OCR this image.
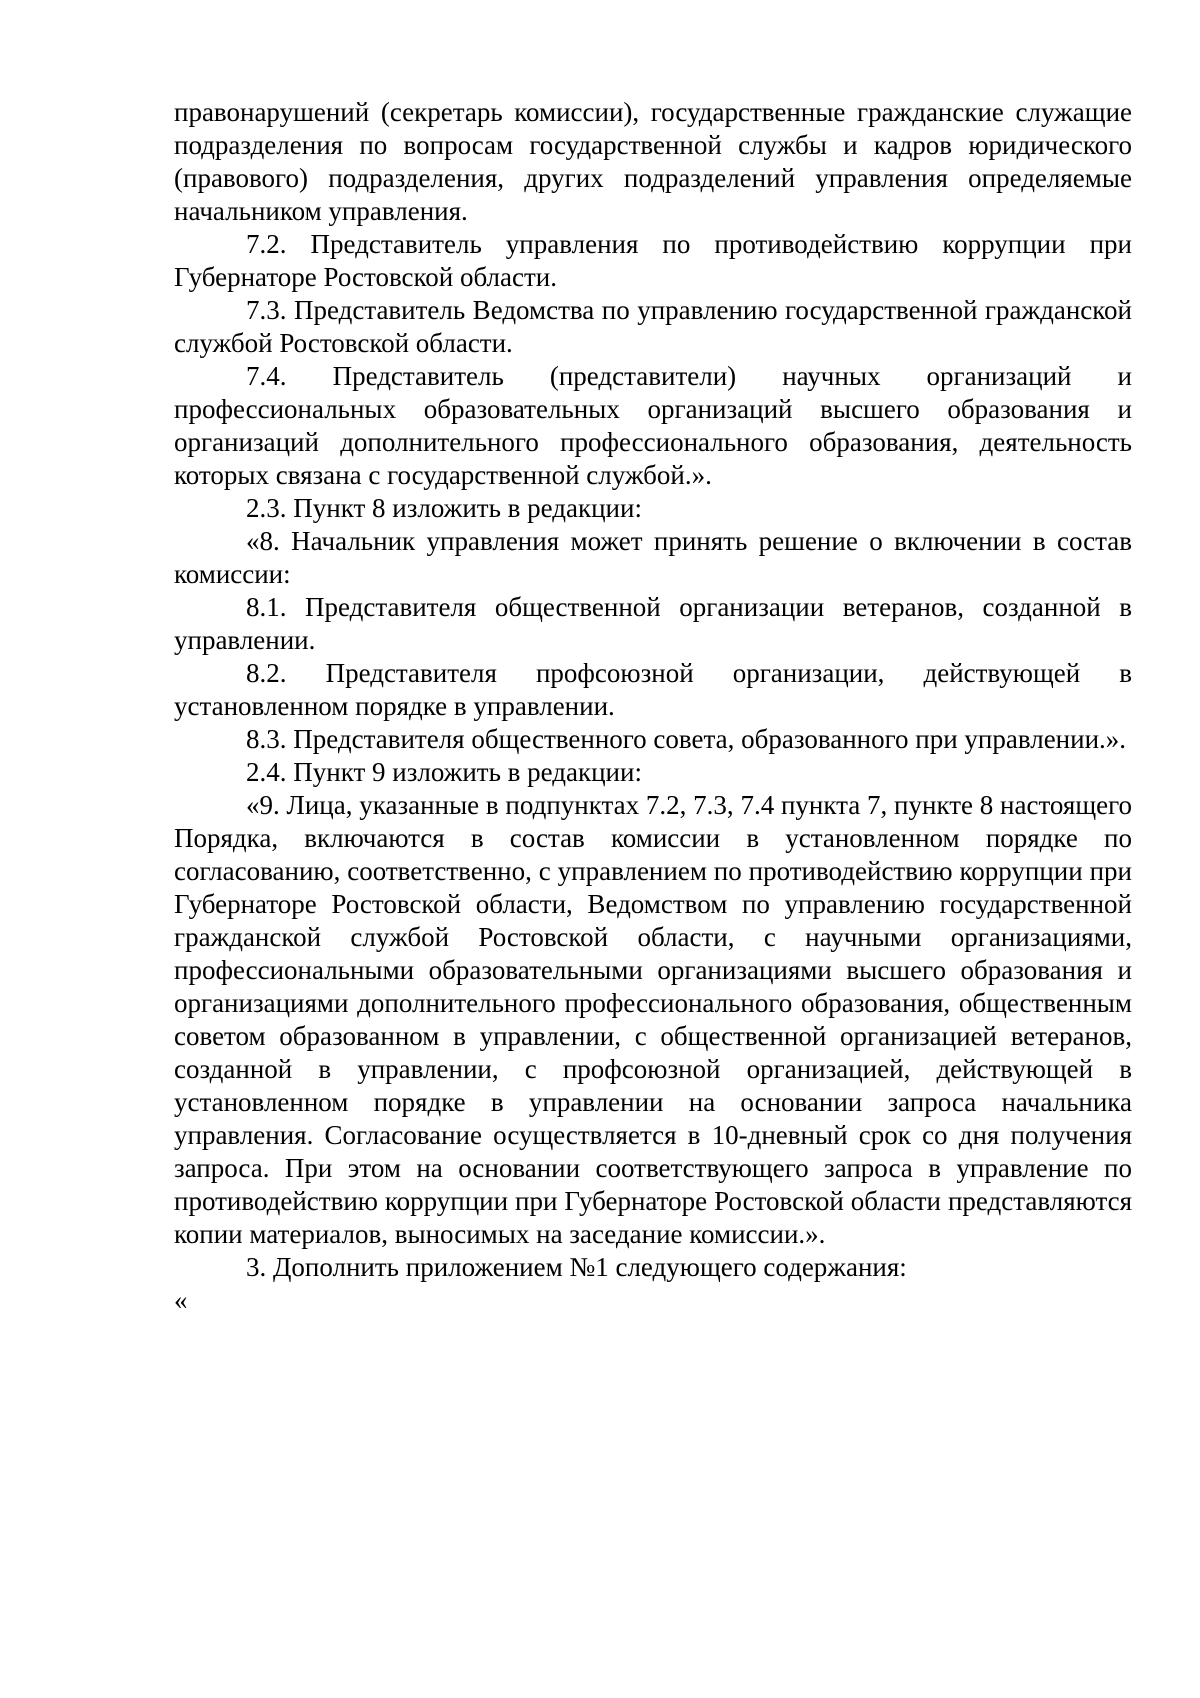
правонарушений (секретарь комиссии), государственные гражданские служащие подразделения по вопросам государственной службы и кадров юридического (правового) подразделения, других подразделений управления определяемые начальником управления.

7.2. Представитель управления по противодействию коррупции при Губернаторе Ростовской области.

7.3. Представитель Ведомства по управлению государственной гражданской службой Ростовской области.

7.4. Представитель (представители) научных организаций и профессиональных образовательных организаций высшего образования и организаций дополнительного профессионального образования, деятельность которых связана с государственной службой.».

2.3. Пункт 8 изложить в редакции:

«8. Начальник управления может принять решение о включении в состав комиссии:

8.1. Представителя общественной организации ветеранов, созданной в управлении.

8.2. Представителя профсоюзной организации, действующей в установленном порядке в управлении.

8.3. Представителя общественного совета, образованного при управлении.».

2.4. Пункт 9 изложить в редакции:

«9. Лица, указанные в подпунктах 7.2, 7.3, 7.4 пункта 7, пункте 8 настоящего Порядка, включаются в состав комиссии в установленном порядке по согласованию, соответственно, с управлением по противодействию коррупции при Губернаторе Ростовской области, Ведомством по управлению государственной гражданской службой Ростовской области, с научными организациями, профессиональными образовательными организациями высшего образования и организациями дополнительного профессионального образования, общественным советом образованном в управлении, с общественной организацией ветеранов, созданной в управлении, с профсоюзной организацией, действующей в установленном порядке в управлении на основании запроса начальника управления. Согласование осуществляется в 10-дневный срок со дня получения запроса. При этом на основании соответствующего запроса в управление по противодействию коррупции при Губернаторе Ростовской области представляются копии материалов, выносимых на заседание комиссии.».

3. Дополнить приложением №1 следующего содержания:

«
